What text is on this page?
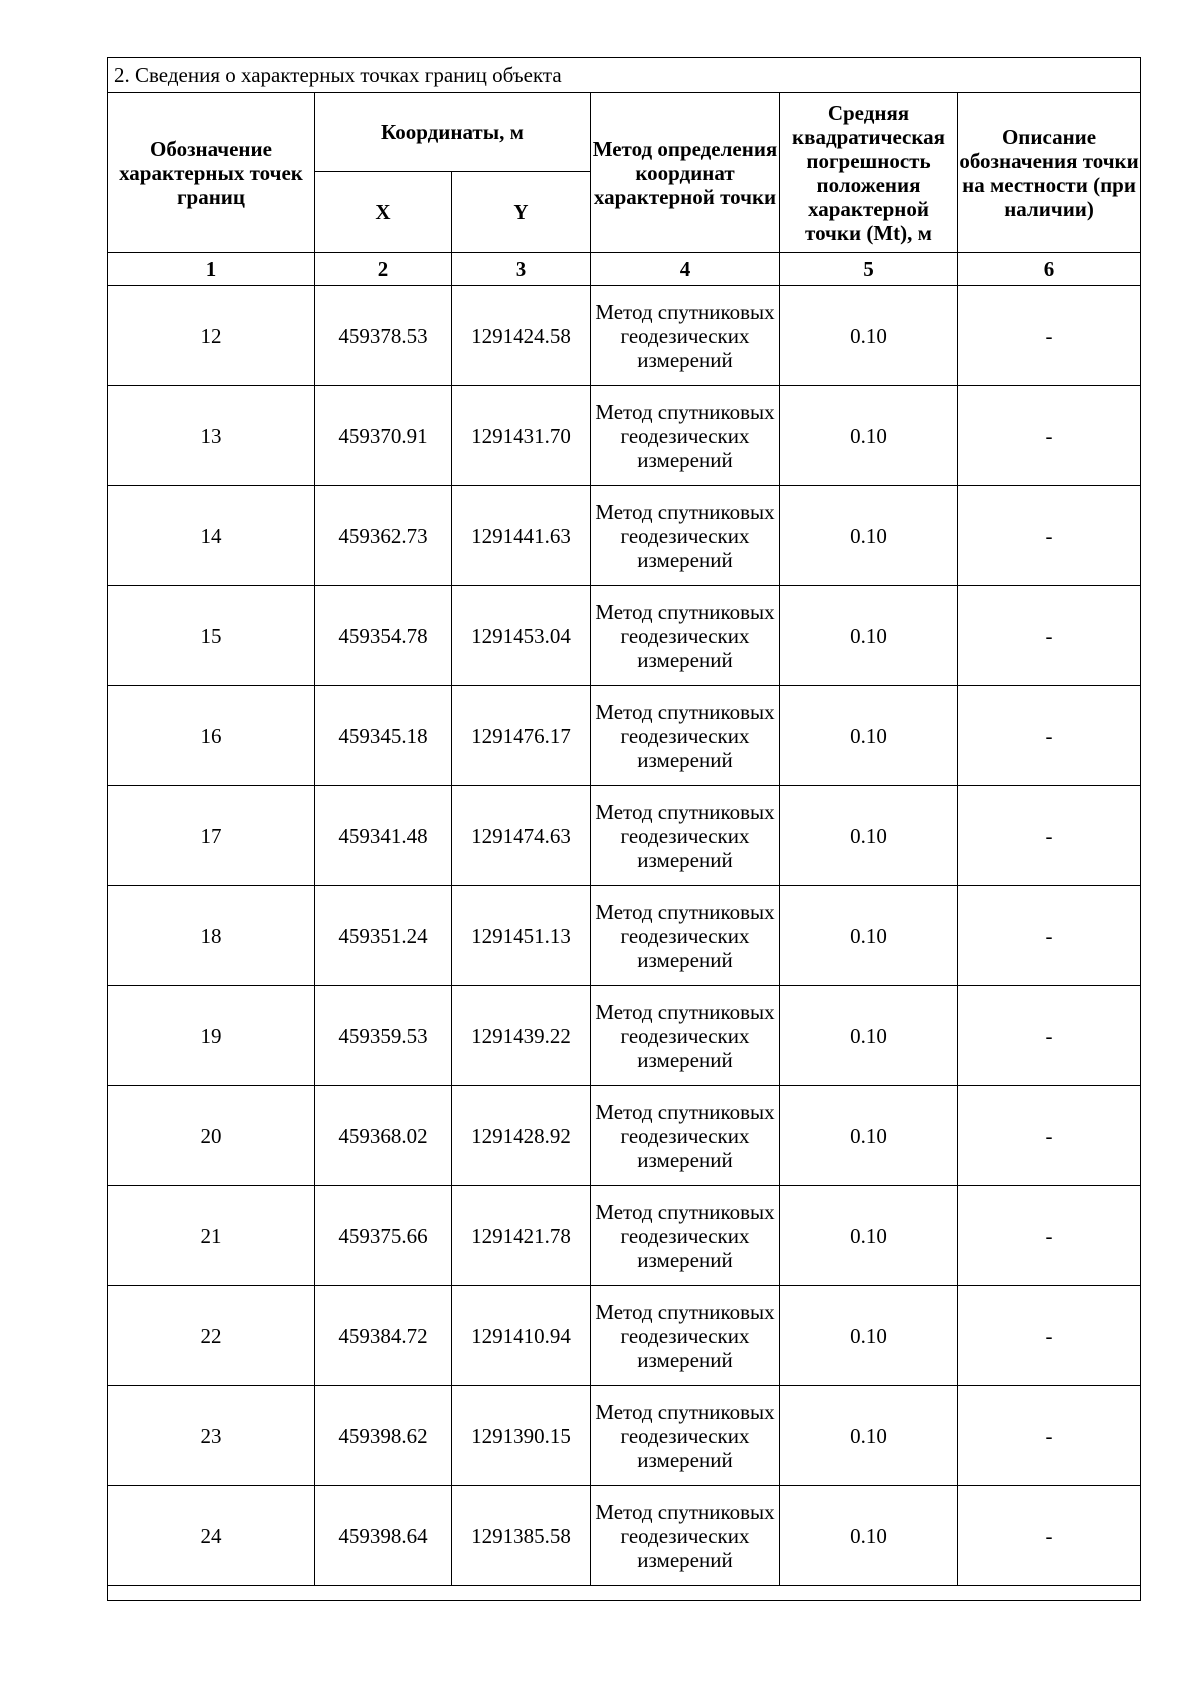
2. Сведения о характерных точках границ объекта					
Обозначение характерных точек границ	Координаты, м		Метод определения координат характерной точки	Средняя квадратическая погрешность положения характерной точки (Mt), м	Описание обозначения точки на местности (при наличии)
	X	Y			
1	2	3	4	5	6
12	459378.53	1291424.58	Метод спутниковых геодезических измерений	0.10	-
13	459370.91	1291431.70	Метод спутниковых геодезических измерений	0.10	-
14	459362.73	1291441.63	Метод спутниковых геодезических измерений	0.10	-
15	459354.78	1291453.04	Метод спутниковых геодезических измерений	0.10	-
16	459345.18	1291476.17	Метод спутниковых геодезических измерений	0.10	-
17	459341.48	1291474.63	Метод спутниковых геодезических измерений	0.10	-
18	459351.24	1291451.13	Метод спутниковых геодезических измерений	0.10	-
19	459359.53	1291439.22	Метод спутниковых геодезических измерений	0.10	-
20	459368.02	1291428.92	Метод спутниковых геодезических измерений	0.10	-
21	459375.66	1291421.78	Метод спутниковых геодезических измерений	0.10	-
22	459384.72	1291410.94	Метод спутниковых геодезических измерений	0.10	-
23	459398.62	1291390.15	Метод спутниковых геодезических измерений	0.10	-
24	459398.64	1291385.58	Метод спутниковых геодезических измерений	0.10	-
